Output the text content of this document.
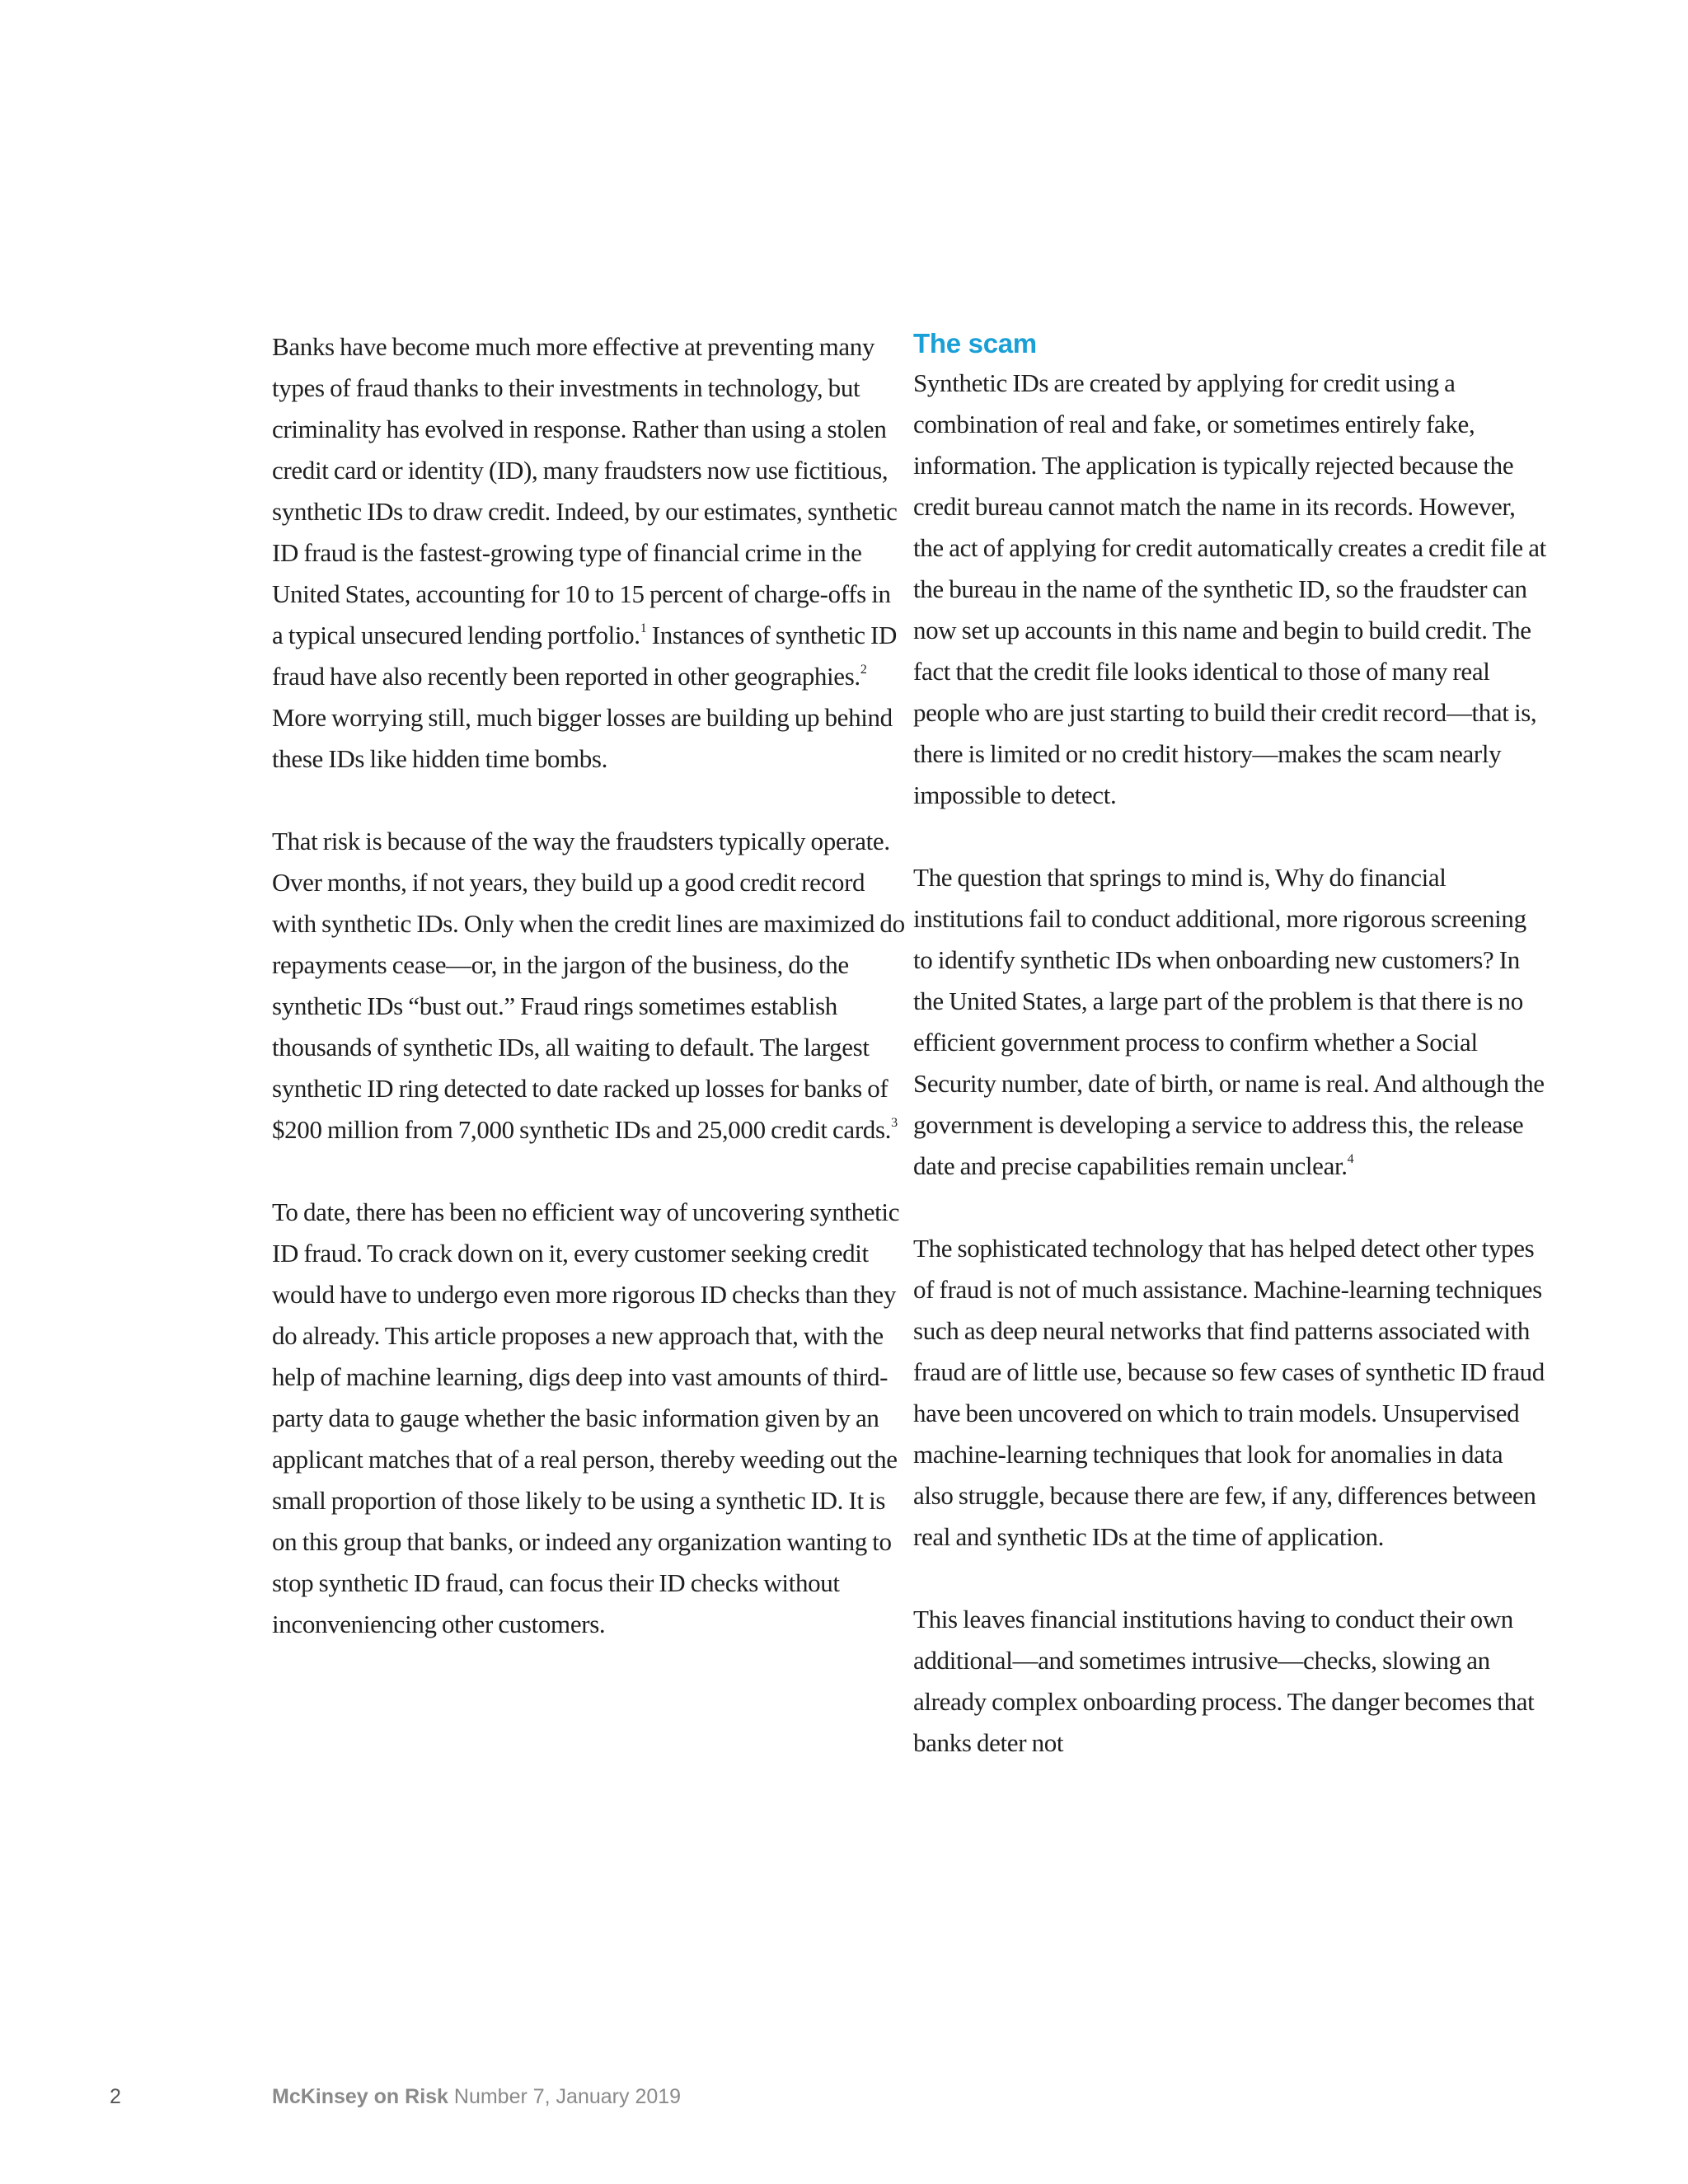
Banks have become much more effective at preventing many types of fraud thanks to their investments in technology, but criminality has evolved in response. Rather than using a stolen credit card or identity (ID), many fraudsters now use fictitious, synthetic IDs to draw credit. Indeed, by our estimates, synthetic ID fraud is the fastest-growing type of financial crime in the United States, accounting for 10 to 15 percent of charge-offs in a typical unsecured lending portfolio.$^1$ Instances of synthetic ID fraud have also recently been reported in other geographies.$^2$ More worrying still, much bigger losses are building up behind these IDs like hidden time bombs.

That risk is because of the way the fraudsters typically operate. Over months, if not years, they build up a good credit record with synthetic IDs. Only when the credit lines are maximized do repayments cease—or, in the jargon of the business, do the synthetic IDs “bust out.” Fraud rings sometimes establish thousands of synthetic IDs, all waiting to default. The largest synthetic ID ring detected to date racked up losses for banks of $200 million from 7,000 synthetic IDs and 25,000 credit cards.$^3$

To date, there has been no efficient way of uncovering synthetic ID fraud. To crack down on it, every customer seeking credit would have to undergo even more rigorous ID checks than they do already. This article proposes a new approach that, with the help of machine learning, digs deep into vast amounts of third-party data to gauge whether the basic information given by an applicant matches that of a real person, thereby weeding out the small proportion of those likely to be using a synthetic ID. It is on this group that banks, or indeed any organization wanting to stop synthetic ID fraud, can focus their ID checks without inconveniencing other customers.

The scam

Synthetic IDs are created by applying for credit using a combination of real and fake, or sometimes entirely fake, information. The application is typically rejected because the credit bureau cannot match the name in its records. However, the act of applying for credit automatically creates a credit file at the bureau in the name of the synthetic ID, so the fraudster can now set up accounts in this name and begin to build credit. The fact that the credit file looks identical to those of many real people who are just starting to build their credit record—that is, there is limited or no credit history—makes the scam nearly impossible to detect.

The question that springs to mind is, Why do financial institutions fail to conduct additional, more rigorous screening to identify synthetic IDs when onboarding new customers? In the United States, a large part of the problem is that there is no efficient government process to confirm whether a Social Security number, date of birth, or name is real. And although the government is developing a service to address this, the release date and precise capabilities remain unclear.$^4$

The sophisticated technology that has helped detect other types of fraud is not of much assistance. Machine-learning techniques such as deep neural networks that find patterns associated with fraud are of little use, because so few cases of synthetic ID fraud have been uncovered on which to train models. Unsupervised machine-learning techniques that look for anomalies in data also struggle, because there are few, if any, differences between real and synthetic IDs at the time of application.

This leaves financial institutions having to conduct their own additional—and sometimes intrusive—checks, slowing an already complex onboarding process. The danger becomes that banks deter not

2	McKinsey on Risk Number 7, January 2019
